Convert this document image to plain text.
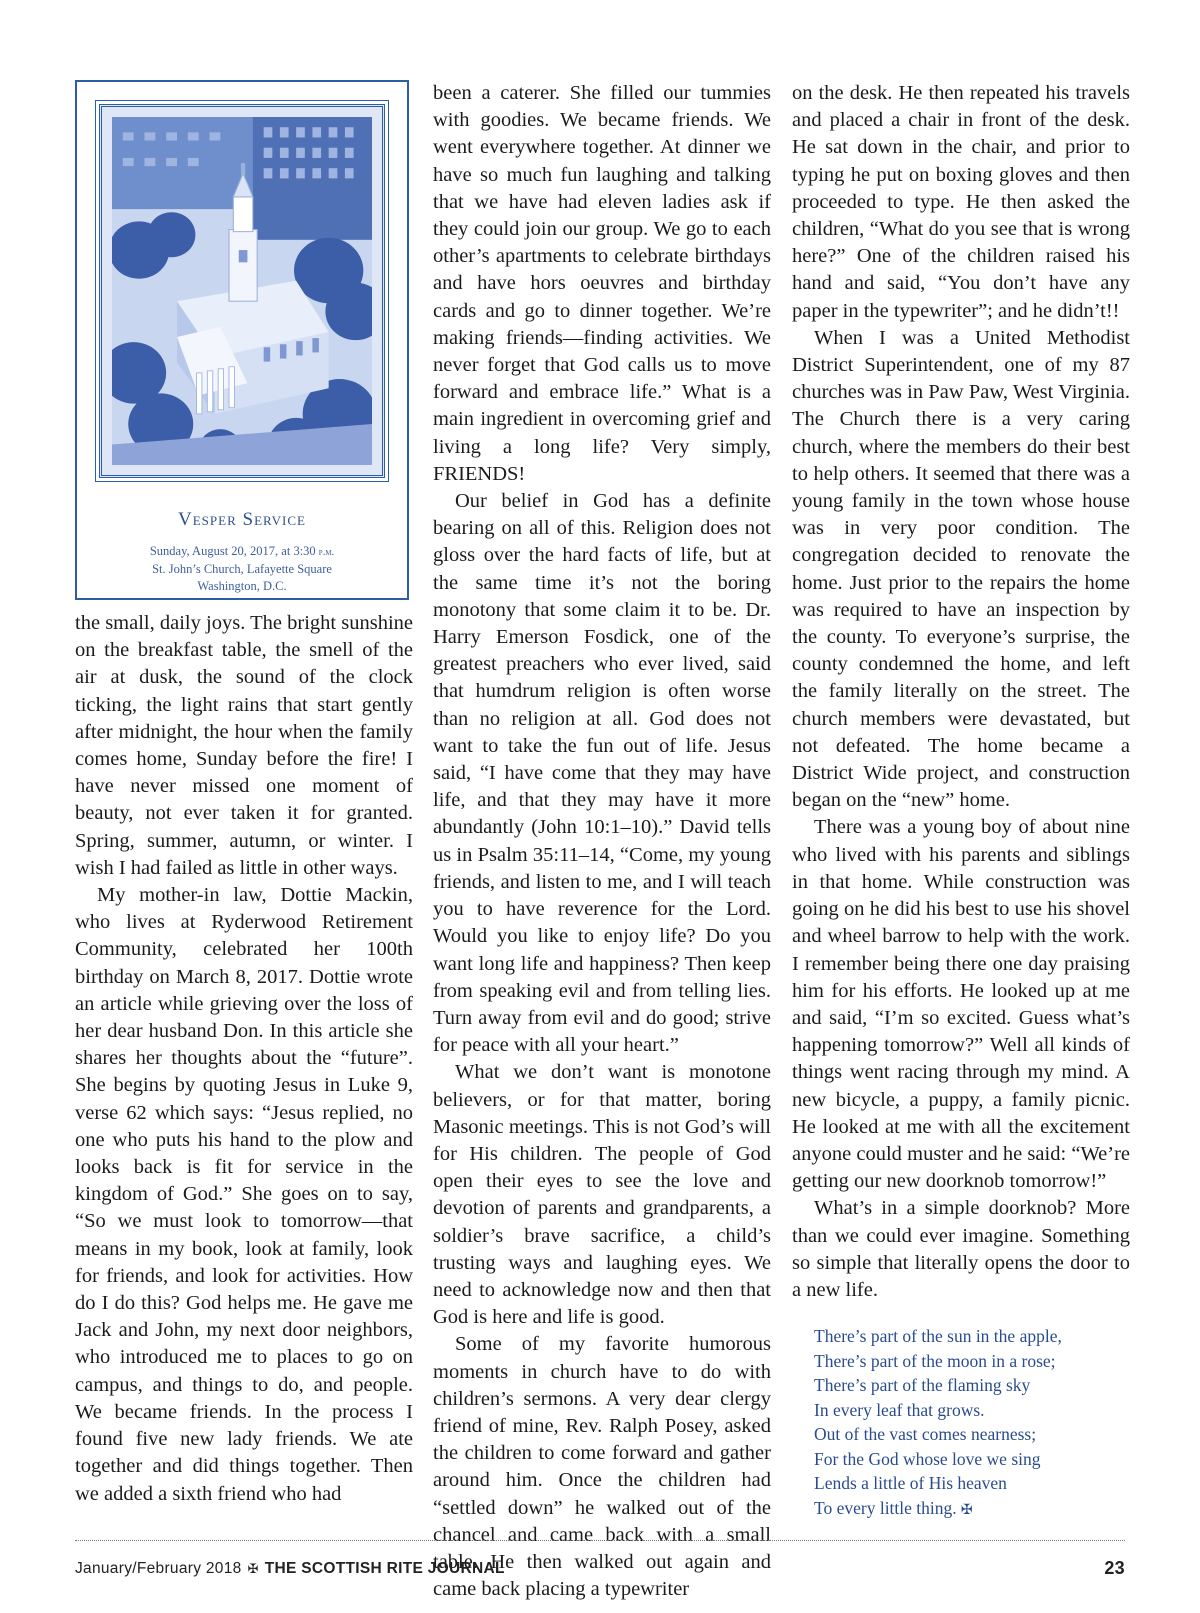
Vesper Service
Sunday, August 20, 2017, at 3:30 p.m.
St. John’s Church, Lafayette Square
Washington, D.C.

the small, daily joys. The bright sunshine on the breakfast table, the smell of the air at dusk, the sound of the clock ticking, the light rains that start gently after midnight, the hour when the family comes home, Sunday before the fire! I have never missed one moment of beauty, not ever taken it for granted. Spring, summer, autumn, or winter. I wish I had failed as little in other ways.

My mother-in law, Dottie Mackin, who lives at Ryderwood Retirement Community, celebrated her 100th birthday on March 8, 2017. Dottie wrote an article while grieving over the loss of her dear husband Don. In this article she shares her thoughts about the “future”. She begins by quoting Jesus in Luke 9, verse 62 which says: “Jesus replied, no one who puts his hand to the plow and looks back is fit for service in the kingdom of God.” She goes on to say, “So we must look to tomorrow—that means in my book, look at family, look for friends, and look for activities. How do I do this? God helps me. He gave me Jack and John, my next door neighbors, who introduced me to places to go on campus, and things to do, and people. We became friends. In the process I found five new lady friends. We ate together and did things together. Then we added a sixth friend who had

been a caterer. She filled our tummies with goodies. We became friends. We went everywhere together. At dinner we have so much fun laughing and talking that we have had eleven ladies ask if they could join our group. We go to each other’s apartments to celebrate birthdays and have hors oeuvres and birthday cards and go to dinner together. We’re making friends—finding activities. We never forget that God calls us to move forward and embrace life.” What is a main ingredient in overcoming grief and living a long life? Very simply, FRIENDS!

Our belief in God has a definite bearing on all of this. Religion does not gloss over the hard facts of life, but at the same time it’s not the boring monotony that some claim it to be. Dr. Harry Emerson Fosdick, one of the greatest preachers who ever lived, said that humdrum religion is often worse than no religion at all. God does not want to take the fun out of life. Jesus said, “I have come that they may have life, and that they may have it more abundantly (John 10:1–10).” David tells us in Psalm 35:11–14, “Come, my young friends, and listen to me, and I will teach you to have reverence for the Lord. Would you like to enjoy life? Do you want long life and happiness? Then keep from speaking evil and from telling lies. Turn away from evil and do good; strive for peace with all your heart.”

What we don’t want is monotone believers, or for that matter, boring Masonic meetings. This is not God’s will for His children. The people of God open their eyes to see the love and devotion of parents and grandparents, a soldier’s brave sacrifice, a child’s trusting ways and laughing eyes. We need to acknowledge now and then that God is here and life is good.

Some of my favorite humorous moments in church have to do with children’s sermons. A very dear clergy friend of mine, Rev. Ralph Posey, asked the children to come forward and gather around him. Once the children had “settled down” he walked out of the chancel and came back with a small table. He then walked out again and came back placing a typewriter

on the desk. He then repeated his travels and placed a chair in front of the desk. He sat down in the chair, and prior to typing he put on boxing gloves and then proceeded to type. He then asked the children, “What do you see that is wrong here?” One of the children raised his hand and said, “You don’t have any paper in the typewriter”; and he didn’t!!

When I was a United Methodist District Superintendent, one of my 87 churches was in Paw Paw, West Virginia. The Church there is a very caring church, where the members do their best to help others. It seemed that there was a young family in the town whose house was in very poor condition. The congregation decided to renovate the home. Just prior to the repairs the home was required to have an inspection by the county. To everyone’s surprise, the county condemned the home, and left the family literally on the street. The church members were devastated, but not defeated. The home became a District Wide project, and construction began on the “new” home.

There was a young boy of about nine who lived with his parents and siblings in that home. While construction was going on he did his best to use his shovel and wheel barrow to help with the work. I remember being there one day praising him for his efforts. He looked up at me and said, “I’m so excited. Guess what’s happening tomorrow?” Well all kinds of things went racing through my mind. A new bicycle, a puppy, a family picnic. He looked at me with all the excitement anyone could muster and he said: “We’re getting our new doorknob tomorrow!”

What’s in a simple doorknob? More than we could ever imagine. Something so simple that literally opens the door to a new life.

There’s part of the sun in the apple,
There’s part of the moon in a rose;
There’s part of the flaming sky
In every leaf that grows.
Out of the vast comes nearness;
For the God whose love we sing
Lends a little of His heaven
To every little thing. ✠
January/February 2018 ✠ THE SCOTTISH RITE JOURNAL	23
